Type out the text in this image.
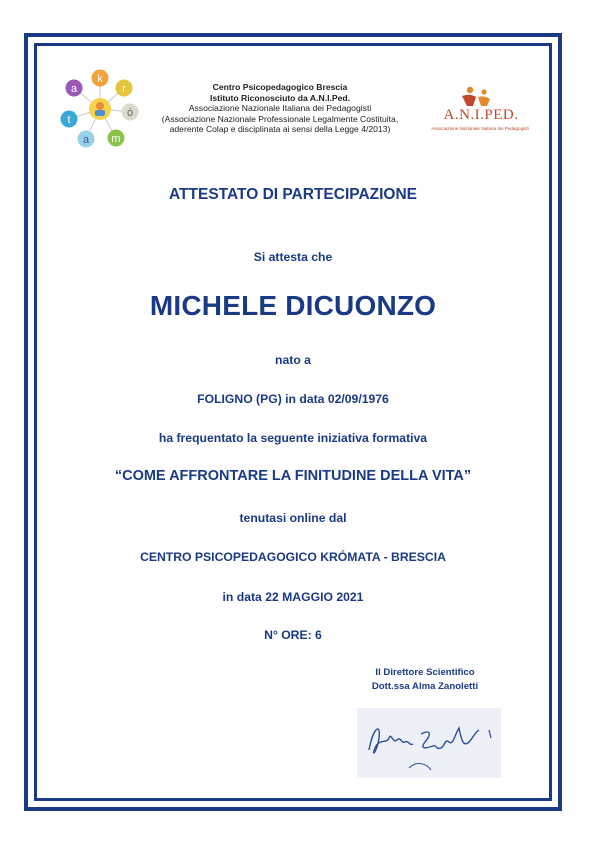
k
r
ó
m
a
t
a	Centro Psicopedagogico Brescia
Istituto Riconosciuto da A.N.I.Ped.
Associazione Nazionale Italiana dei Pedagogisti
(Associazione Nazionale Professionale Legalmente Costituita,
aderente Colap e disciplinata ai sensi della Legge 4/2013)
A.N.I.PED.
Associazione Nazionale Italiana dei Pedagogisti
ATTESTATO DI PARTECIPAZIONE
Si attesta che
MICHELE DICUONZO
nato a
FOLIGNO (PG) in data 02/09/1976
ha frequentato la seguente iniziativa formativa
“COME AFFRONTARE LA FINITUDINE DELLA VITA”
tenutasi online dal
CENTRO PSICOPEDAGOGICO KRÓMATA - BRESCIA
in data 22 MAGGIO 2021
N° ORE: 6
Il Direttore Scientifico
Dott.ssa Alma Zanoletti
